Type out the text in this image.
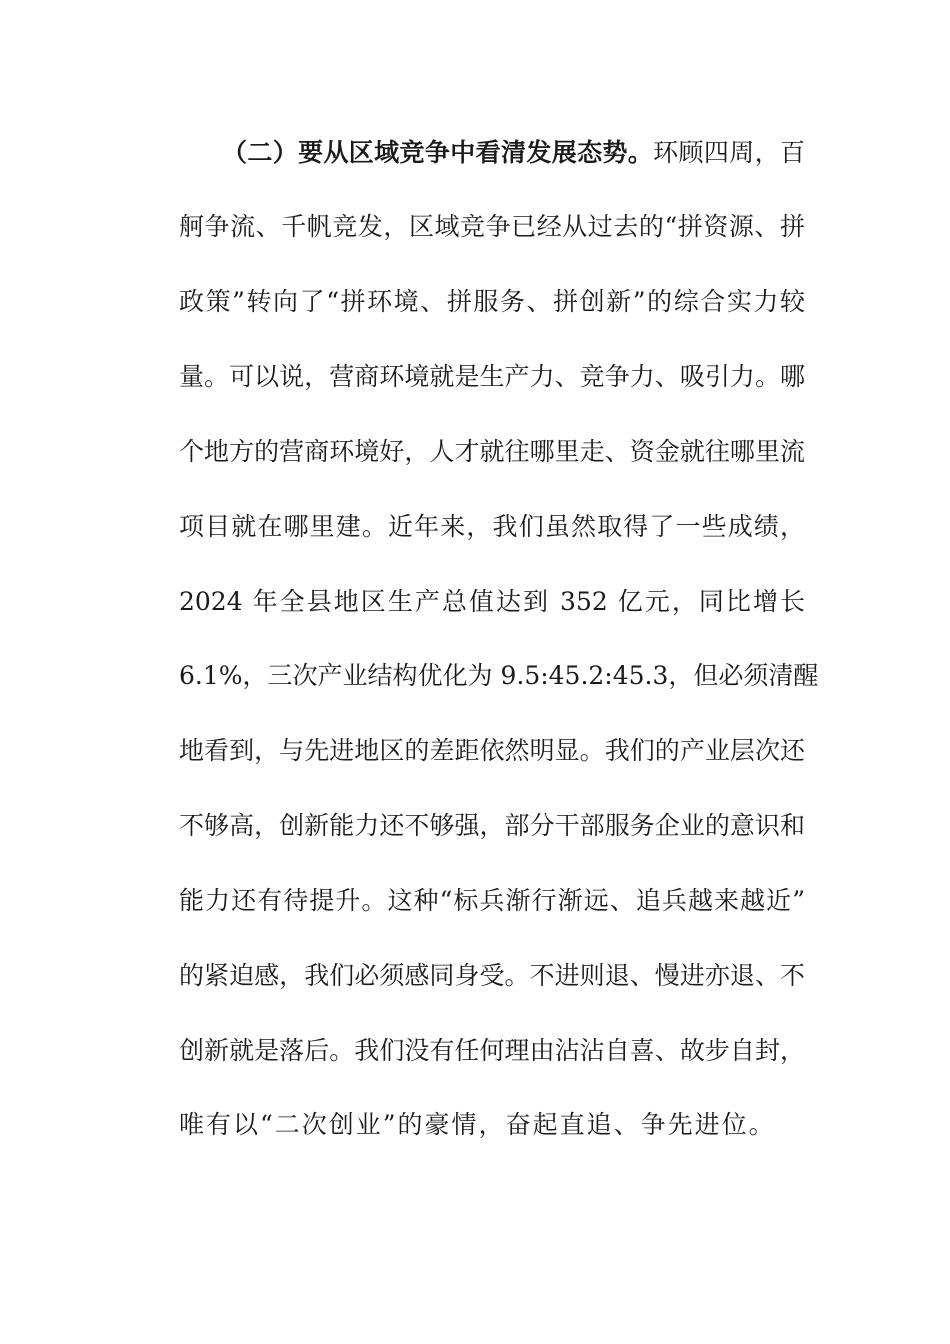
（二）要从区域竞争中看清发展态势。环顾四周，百
舸争流、千帆竞发，区域竞争已经从过去的“拼资源、拼
政策”转向了“拼环境、拼服务、拼创新”的综合实力较
量。可以说，营商环境就是生产力、竞争力、吸引力。哪
个地方的营商环境好，人才就往哪里走、资金就往哪里流
项目就在哪里建。近年来，我们虽然取得了一些成绩，
2024 年全县地区生产总值达到 352 亿元，同比增长
6.1%，三次产业结构优化为 9.5:45.2:45.3，但必须清醒
地看到，与先进地区的差距依然明显。我们的产业层次还
不够高，创新能力还不够强，部分干部服务企业的意识和
能力还有待提升。这种“标兵渐行渐远、追兵越来越近”
的紧迫感，我们必须感同身受。不进则退、慢进亦退、不
创新就是落后。我们没有任何理由沾沾自喜、故步自封，
唯有以“二次创业”的豪情，奋起直追、争先进位。
